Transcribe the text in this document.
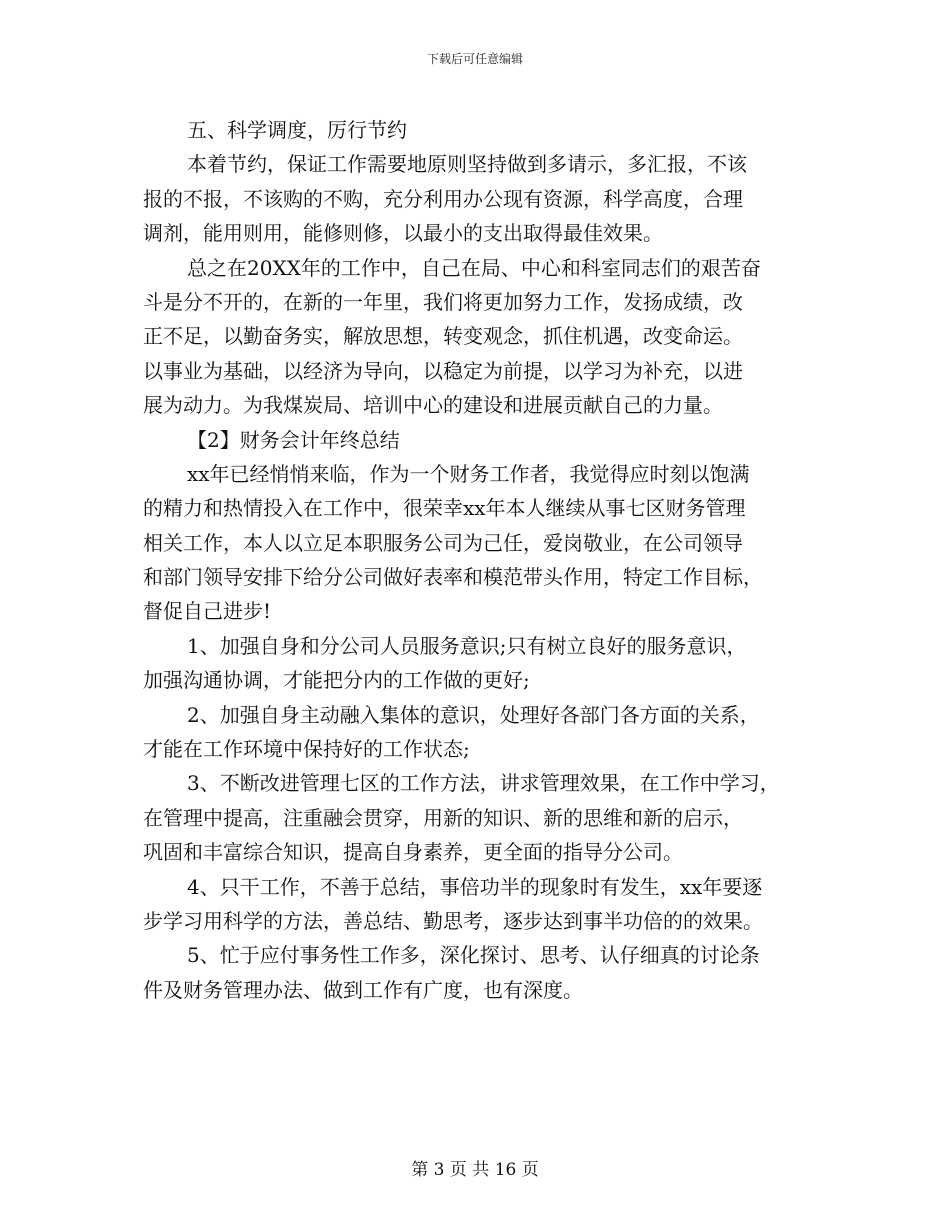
下载后可任意编辑
五、科学调度，厉行节约
本着节约，保证工作需要地原则坚持做到多请示，多汇报，不该
报的不报，不该购的不购，充分利用办公现有资源，科学高度，合理
调剂，能用则用，能修则修，以最小的支出取得最佳效果。
总之在20XX年的工作中，自己在局、中心和科室同志们的艰苦奋
斗是分不开的，在新的一年里，我们将更加努力工作，发扬成绩，改
正不足，以勤奋务实，解放思想，转变观念，抓住机遇，改变命运。
以事业为基础，以经济为导向，以稳定为前提，以学习为补充，以进
展为动力。为我煤炭局、培训中心的建设和进展贡献自己的力量。
【2】财务会计年终总结
xx年已经悄悄来临，作为一个财务工作者，我觉得应时刻以饱满
的精力和热情投入在工作中，很荣幸xx年本人继续从事七区财务管理
相关工作，本人以立足本职服务公司为己任，爱岗敬业，在公司领导
和部门领导安排下给分公司做好表率和模范带头作用，特定工作目标，
督促自己进步!
1、加强自身和分公司人员服务意识;只有树立良好的服务意识，
加强沟通协调，才能把分内的工作做的更好;
2、加强自身主动融入集体的意识，处理好各部门各方面的关系，
才能在工作环境中保持好的工作状态;
3、不断改进管理七区的工作方法，讲求管理效果，在工作中学习，
在管理中提高，注重融会贯穿，用新的知识、新的思维和新的启示，
巩固和丰富综合知识，提高自身素养，更全面的指导分公司。
4、只干工作，不善于总结，事倍功半的现象时有发生，xx年要逐
步学习用科学的方法，善总结、勤思考，逐步达到事半功倍的的效果。
5、忙于应付事务性工作多，深化探讨、思考、认仔细真的讨论条
件及财务管理办法、做到工作有广度，也有深度。
第 3 页 共 16 页
